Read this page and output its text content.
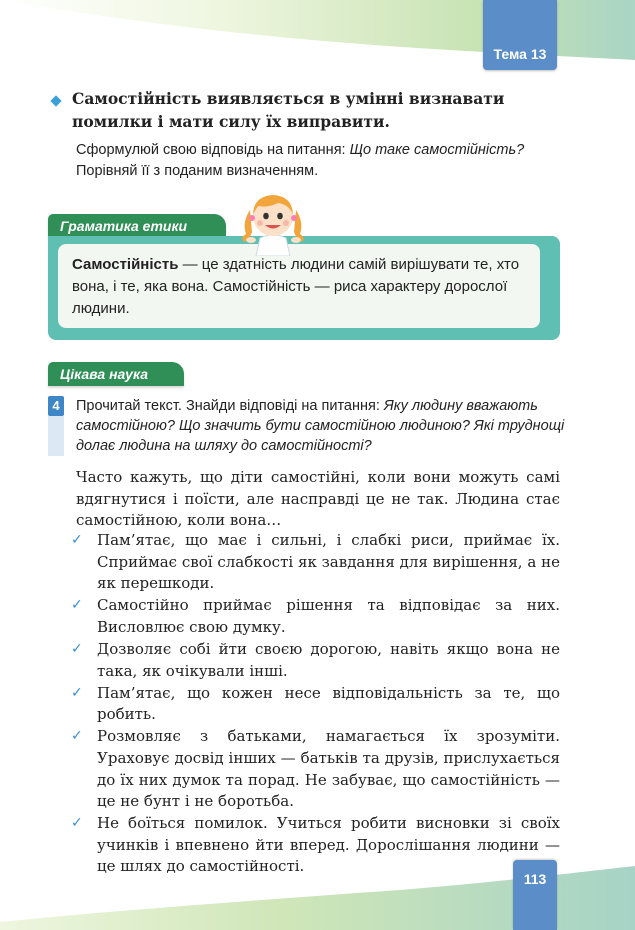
Тема 13
Самостійність виявляється в умінні визнавати помилки і мати силу їх виправити.
Сформулюй свою відповідь на питання: Що таке самостійність?
Порівняй її з поданим визначенням.
Граматика етики
Самостійність — це здатність людини самій вирішувати те, хто вона, і те, яка вона. Самостійність — риса характеру дорослої людини.
Цікава наука
4	Прочитай текст. Знайди відповіді на питання: Яку людину вважають самостійною? Що значить бути самостійною людиною? Які труднощі долає людина на шляху до самостійності?
Часто кажуть, що діти самостійні, коли вони можуть самі вдягнутися і поїсти, але насправді це не так. Людина стає самостійною, коли вона…
✓ Пам’ятає, що має і сильні, і слабкі риси, приймає їх. Сприймає свої слабкості як завдання для вирішення, а не як перешкоди.
✓ Самостійно приймає рішення та відповідає за них. Висловлює свою думку.
✓ Дозволяє собі йти своєю дорогою, навіть якщо вона не така, як очікували інші.
✓ Пам’ятає, що кожен несе відповідальність за те, що робить.
✓ Розмовляє з батьками, намагається їх зрозуміти. Ураховує досвід інших — батьків та друзів, прислухається до їх них думок та порад. Не забуває, що самостійність — це не бунт і не боротьба.
✓ Не боїться помилок. Учиться робити висновки зі своїх учинків і впевнено йти вперед. Дорослішання людини — це шлях до самостійності.
113
